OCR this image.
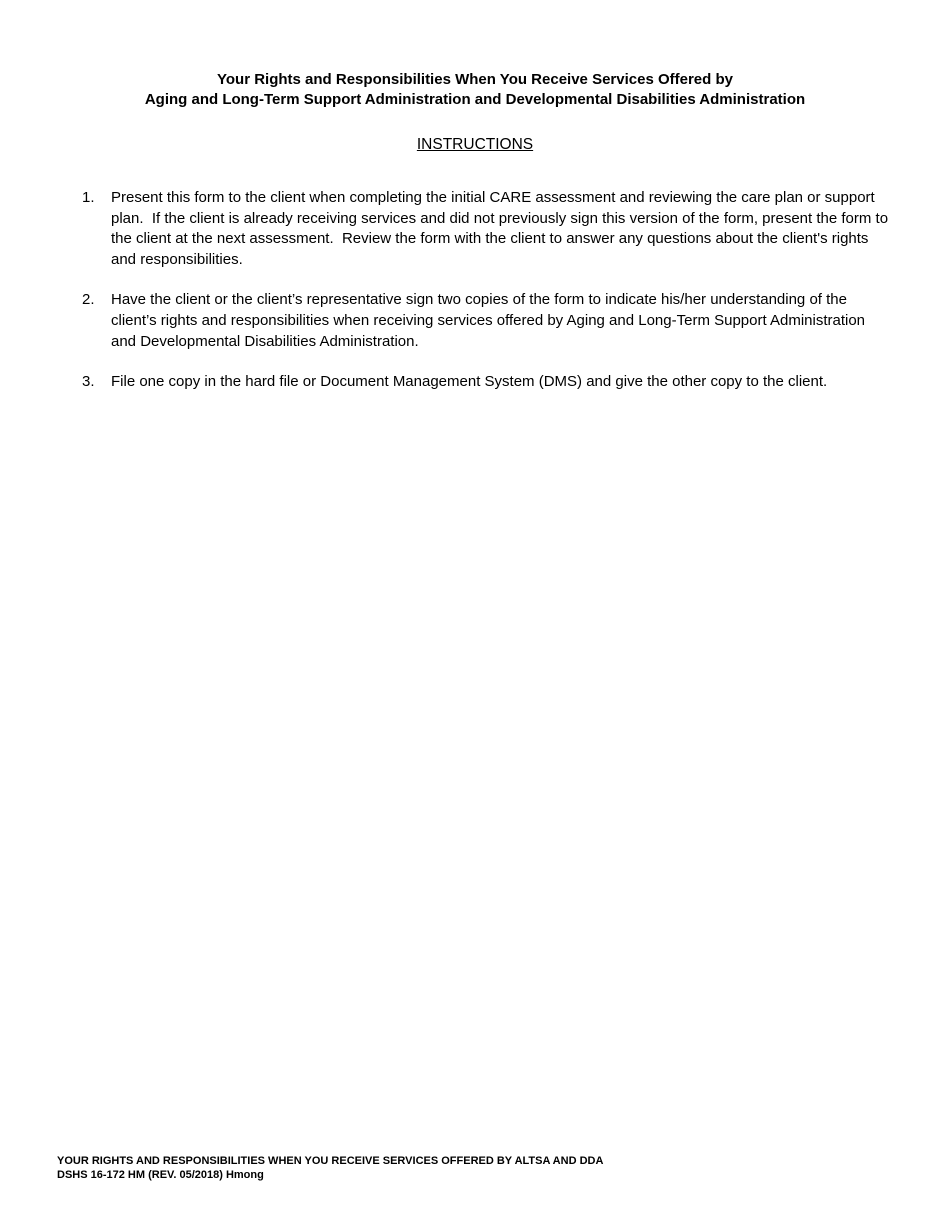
Your Rights and Responsibilities When You Receive Services Offered by
Aging and Long-Term Support Administration and Developmental Disabilities Administration
INSTRUCTIONS
1.	Present this form to the client when completing the initial CARE assessment and reviewing the care plan or support plan.  If the client is already receiving services and did not previously sign this version of the form, present the form to the client at the next assessment.  Review the form with the client to answer any questions about the client's rights and responsibilities.
2.	Have the client or the client’s representative sign two copies of the form to indicate his/her understanding of the client’s rights and responsibilities when receiving services offered by Aging and Long-Term Support Administration and Developmental Disabilities Administration.
3.	File one copy in the hard file or Document Management System (DMS) and give the other copy to the client.
YOUR RIGHTS AND RESPONSIBILITIES WHEN YOU RECEIVE SERVICES OFFERED BY ALTSA AND DDA
DSHS 16-172 HM (REV. 05/2018) Hmong
